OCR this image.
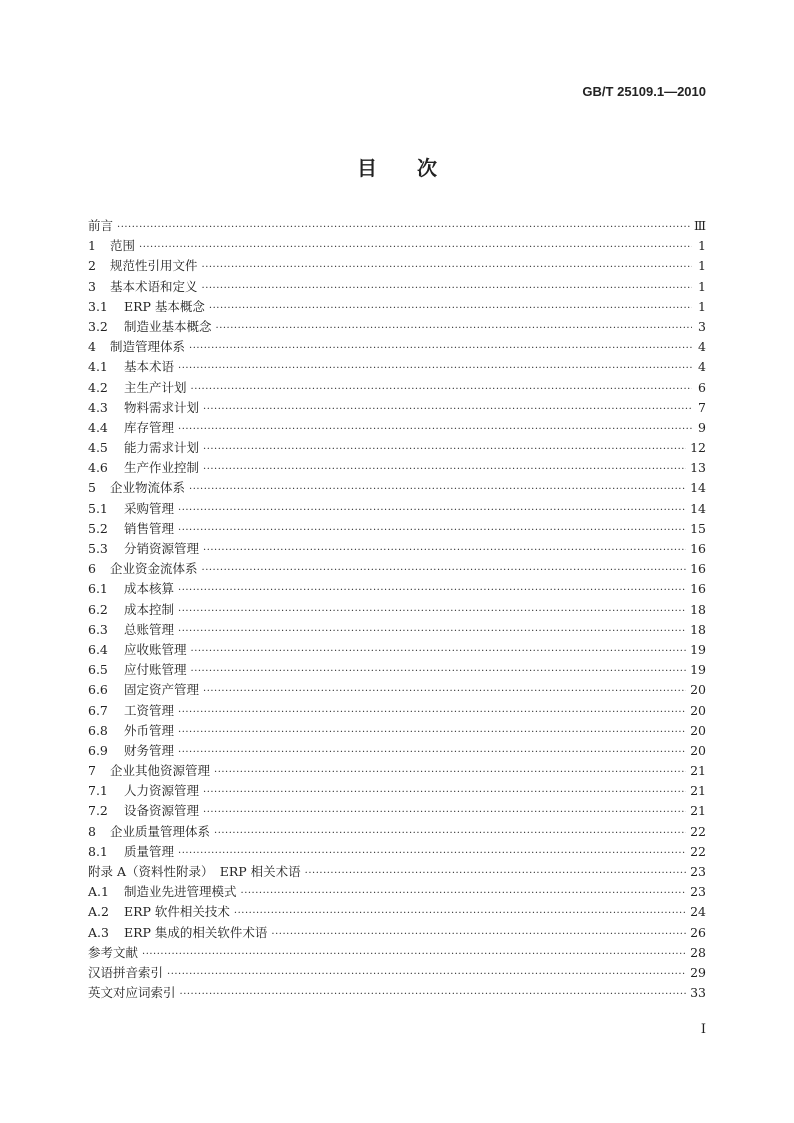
GB/T 25109.1—2010
目次
前言 ·····	Ⅲ
1	范围 ·····	1
2	规范性引用文件 ·····	1
3	基本术语和定义 ·····	1
3.1	ERP 基本概念 ·····	1
3.2	制造业基本概念 ·····	3
4	制造管理体系 ·····	4
4.1	基本术语 ·····	4
4.2	主生产计划 ·····	6
4.3	物料需求计划 ·····	7
4.4	库存管理 ·····	9
4.5	能力需求计划 ·····	12
4.6	生产作业控制 ·····	13
5	企业物流体系 ·····	14
5.1	采购管理 ·····	14
5.2	销售管理 ·····	15
5.3	分销资源管理 ·····	16
6	企业资金流体系 ·····	16
6.1	成本核算 ·····	16
6.2	成本控制 ·····	18
6.3	总账管理 ·····	18
6.4	应收账管理 ·····	19
6.5	应付账管理 ·····	19
6.6	固定资产管理 ·····	20
6.7	工资管理 ·····	20
6.8	外币管理 ·····	20
6.9	财务管理 ·····	20
7	企业其他资源管理 ·····	21
7.1	人力资源管理 ·····	21
7.2	设备资源管理 ·····	21
8	企业质量管理体系 ·····	22
8.1	质量管理 ·····	22
附录 A（资料性附录）　ERP 相关术语 ·····	23
A.1	制造业先进管理模式 ·····	23
A.2	ERP 软件相关技术 ·····	24
A.3	ERP 集成的相关软件术语 ·····	26
参考文献 ·····	28
汉语拼音索引 ·····	29
英文对应词索引 ·····	33
I
